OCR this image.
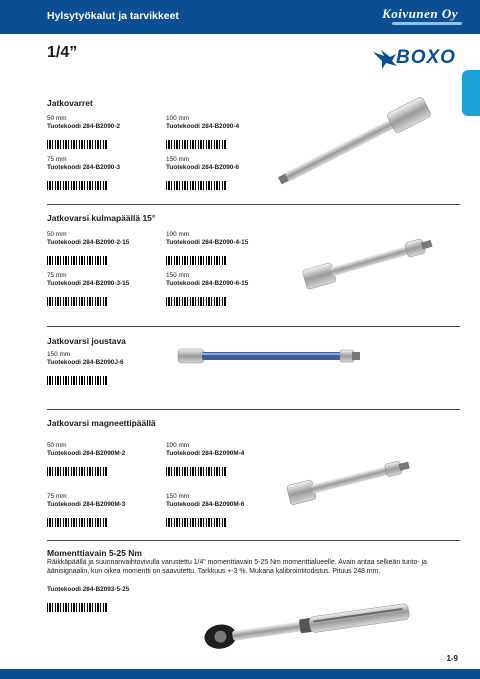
Hylsytyökalut ja tarvikkeet	Koivunen Oy
1/4”	BOXO
Jatkovarret
50 mm
Tuotekoodi 284-B2090-2
100 mm
Tuotekoodi 284-B2090-4
75 mm
Tuotekoodi 284-B2090-3
150 mm
Tuotekoodi 284-B2090-6
Jatkovarsi kulmapäällä 15°
50 mm
Tuotekoodi 284-B2090-2-15
100 mm
Tuotekoodi 284-B2090-4-15
75 mm
Tuotekoodi 284-B2090-3-15
150 mm
Tuotekoodi 284-B2090-6-15
Jatkovarsi joustava
150 mm
Tuotekoodi 284-B2090J-6
Jatkovarsi magneettipäällä
50 mm
Tuotekoodi 284-B2090M-2
100 mm
Tuotekoodi 284-B2090M-4
75 mm
Tuotekoodi 284-B2090M-3
150 mm
Tuotekoodi 284-B2090M-6
Momenttiavain 5-25 Nm
Räikkäpäällä ja suunnanvaihtovivulla varustettu 1/4" momenttiavain 5-25 Nm momenttialueelle. Avain antaa selkeän tunto- ja äänisignaalin, kun oikea momentti on saavutettu. Tarkkuus +-3 %. Mukana kalibrointitodistus. Pituus 248 mm.
Tuotekoodi 284-B2093-5-25
1-9
